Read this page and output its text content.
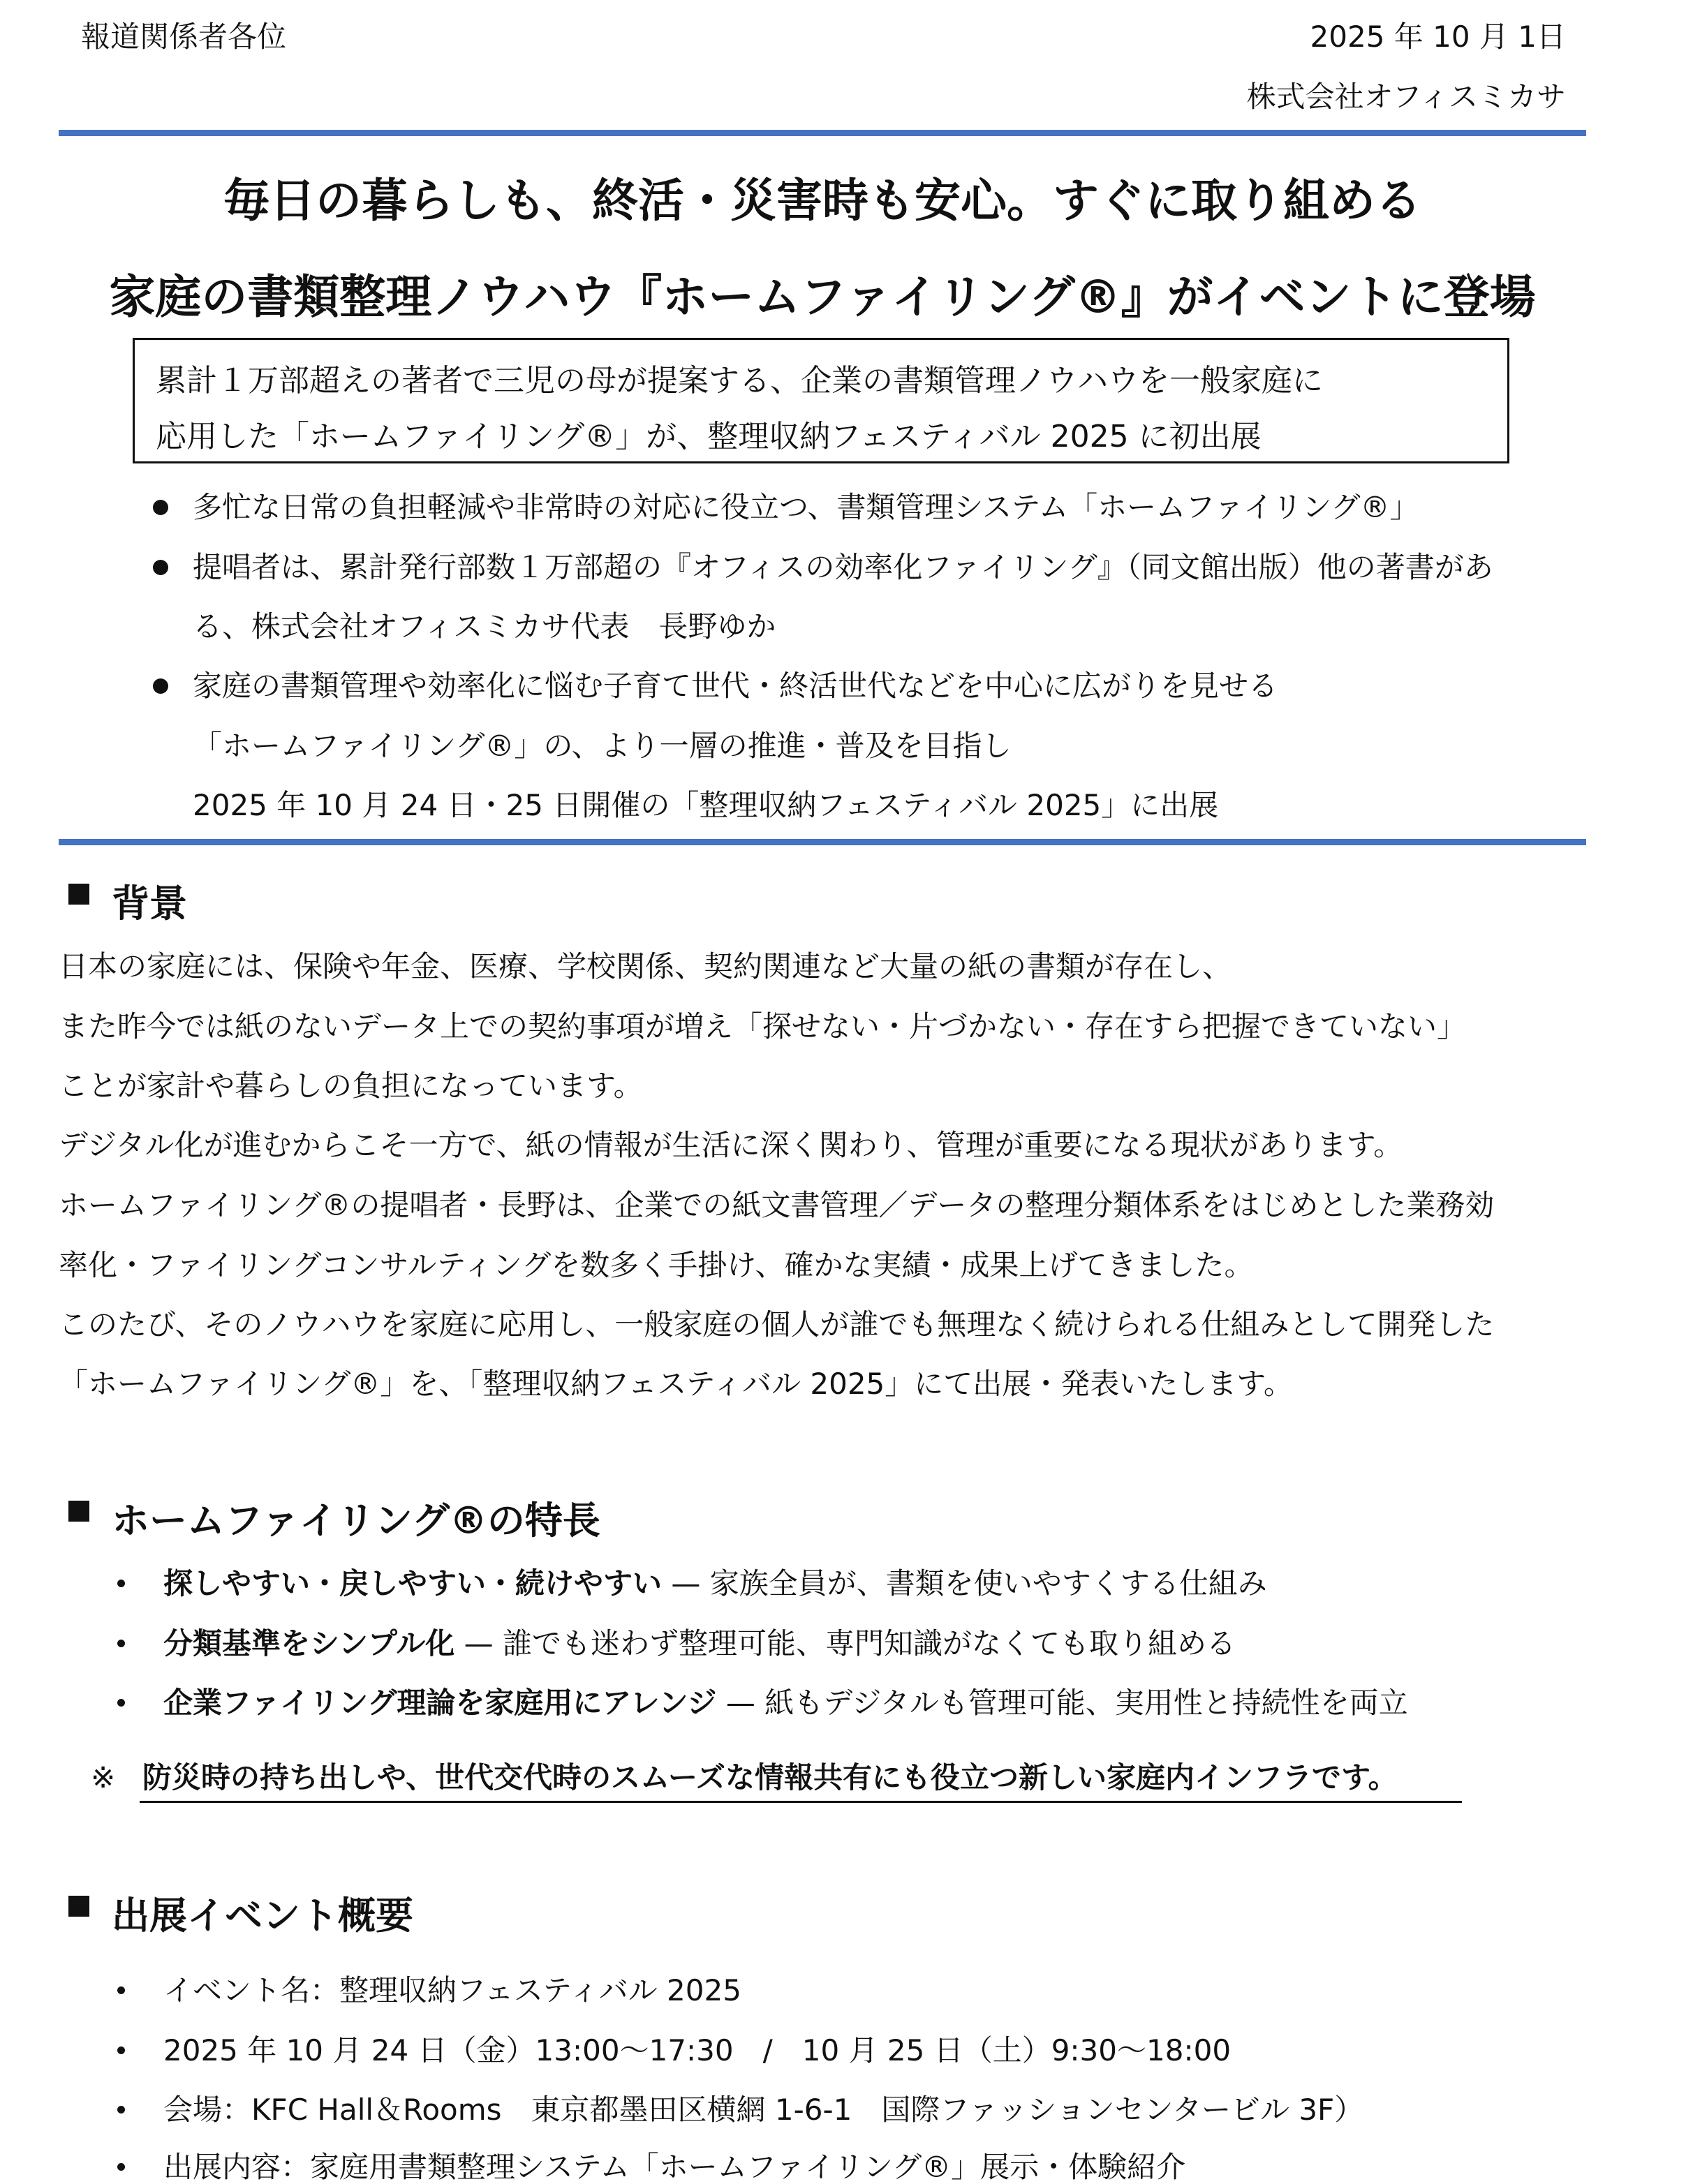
報道関係者各位	2025 年 10 月 1日
株式会社オフィスミカサ
毎日の暮らしも、終活・災害時も安心。すぐに取り組める
家庭の書類整理ノウハウ『ホームファイリング®』がイベントに登場
累計１万部超えの著者で三児の母が提案する、企業の書類管理ノウハウを一般家庭に
応用した「ホームファイリング®」が、整理収納フェスティバル 2025 に初出展
多忙な日常の負担軽減や非常時の対応に役立つ、書類管理システム「ホームファイリング®」
提唱者は、累計発行部数１万部超の『オフィスの効率化ファイリング』（同文館出版）他の著書があ
る、株式会社オフィスミカサ代表　長野ゆか
家庭の書類管理や効率化に悩む子育て世代・終活世代などを中心に広がりを見せる
「ホームファイリング®」の、より一層の推進・普及を目指し
2025 年 10 月 24 日・25 日開催の「整理収納フェスティバル 2025」に出展
背景
日本の家庭には、保険や年金、医療、学校関係、契約関連など大量の紙の書類が存在し、
また昨今では紙のないデータ上での契約事項が増え「探せない・片づかない・存在すら把握できていない」
ことが家計や暮らしの負担になっています。
デジタル化が進むからこそ一方で、紙の情報が生活に深く関わり、管理が重要になる現状があります。
ホームファイリング®の提唱者・長野は、企業での紙文書管理／データの整理分類体系をはじめとした業務効
率化・ファイリングコンサルティングを数多く手掛け、確かな実績・成果上げてきました。
このたび、そのノウハウを家庭に応用し、一般家庭の個人が誰でも無理なく続けられる仕組みとして開発した
「ホームファイリング®」を、「整理収納フェスティバル 2025」にて出展・発表いたします。
ホームファイリング®の特長
探しやすい・戻しやすい・続けやすい — 家族全員が、書類を使いやすくする仕組み
分類基準をシンプル化 — 誰でも迷わず整理可能、専門知識がなくても取り組める
企業ファイリング理論を家庭用にアレンジ — 紙もデジタルも管理可能、実用性と持続性を両立
※ 防災時の持ち出しや、世代交代時のスムーズな情報共有にも役立つ新しい家庭内インフラです。
出展イベント概要
イベント名：整理収納フェスティバル 2025
2025 年 10 月 24 日（金）13:00～17:30　/　10 月 25 日（土）9:30～18:00
会場：KFC Hall＆Rooms　東京都墨田区横網 1-6-1　国際ファッションセンタービル 3F）
出展内容：家庭用書類整理システム「ホームファイリング®」展示・体験紹介
